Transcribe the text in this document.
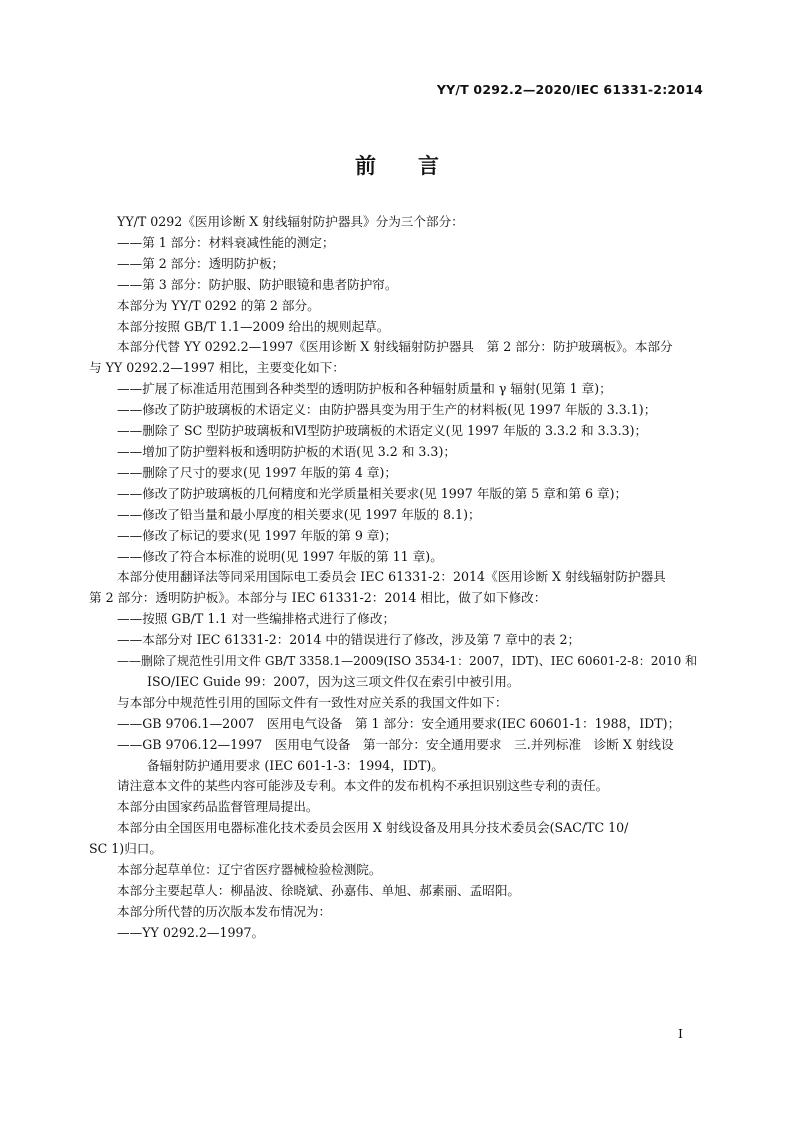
YY/T 0292.2—2020/IEC 61331-2:2014
前 言

YY/T 0292《医用诊断 X 射线辐射防护器具》分为三个部分：

——第 1 部分：材料衰减性能的测定；

——第 2 部分：透明防护板；

——第 3 部分：防护服、防护眼镜和患者防护帘。

本部分为 YY/T 0292 的第 2 部分。

本部分按照 GB/T 1.1—2009 给出的规则起草。

本部分代替 YY 0292.2—1997《医用诊断 X 射线辐射防护器具　第 2 部分：防护玻璃板》。本部分

与 YY 0292.2—1997 相比，主要变化如下：

——扩展了标准适用范围到各种类型的透明防护板和各种辐射质量和 γ 辐射(见第 1 章)；

——修改了防护玻璃板的术语定义：由防护器具变为用于生产的材料板(见 1997 年版的 3.3.1)；

——删除了 SC 型防护玻璃板和Ⅵ型防护玻璃板的术语定义(见 1997 年版的 3.3.2 和 3.3.3)；

——增加了防护塑料板和透明防护板的术语(见 3.2 和 3.3)；

——删除了尺寸的要求(见 1997 年版的第 4 章)；

——修改了防护玻璃板的几何精度和光学质量相关要求(见 1997 年版的第 5 章和第 6 章)；

——修改了铅当量和最小厚度的相关要求(见 1997 年版的 8.1)；

——修改了标记的要求(见 1997 年版的第 9 章)；

——修改了符合本标准的说明(见 1997 年版的第 11 章)。

本部分使用翻译法等同采用国际电工委员会 IEC 61331-2：2014《医用诊断 X 射线辐射防护器具

第 2 部分：透明防护板》。本部分与 IEC 61331-2：2014 相比，做了如下修改：

——按照 GB/T 1.1 对一些编排格式进行了修改；

——本部分对 IEC 61331-2：2014 中的错误进行了修改，涉及第 7 章中的表 2；

——删除了规范性引用文件 GB/T 3358.1—2009(ISO 3534-1：2007，IDT)、IEC 60601-2-8：2010 和

ISO/IEC Guide 99：2007，因为这三项文件仅在索引中被引用。

与本部分中规范性引用的国际文件有一致性对应关系的我国文件如下：

——GB 9706.1—2007　医用电气设备　第 1 部分：安全通用要求(IEC 60601-1：1988，IDT)；

——GB 9706.12—1997　医用电气设备　第一部分：安全通用要求　三.并列标准　诊断 X 射线设

备辐射防护通用要求 (IEC 601-1-3：1994，IDT)。

请注意本文件的某些内容可能涉及专利。本文件的发布机构不承担识别这些专利的责任。

本部分由国家药品监督管理局提出。

本部分由全国医用电器标准化技术委员会医用 X 射线设备及用具分技术委员会(SAC/TC 10/

SC 1)归口。

本部分起草单位：辽宁省医疗器械检验检测院。

本部分主要起草人：柳晶波、徐晓斌、孙嘉伟、单旭、郝素丽、孟昭阳。

本部分所代替的历次版本发布情况为：

——YY 0292.2—1997。

I
